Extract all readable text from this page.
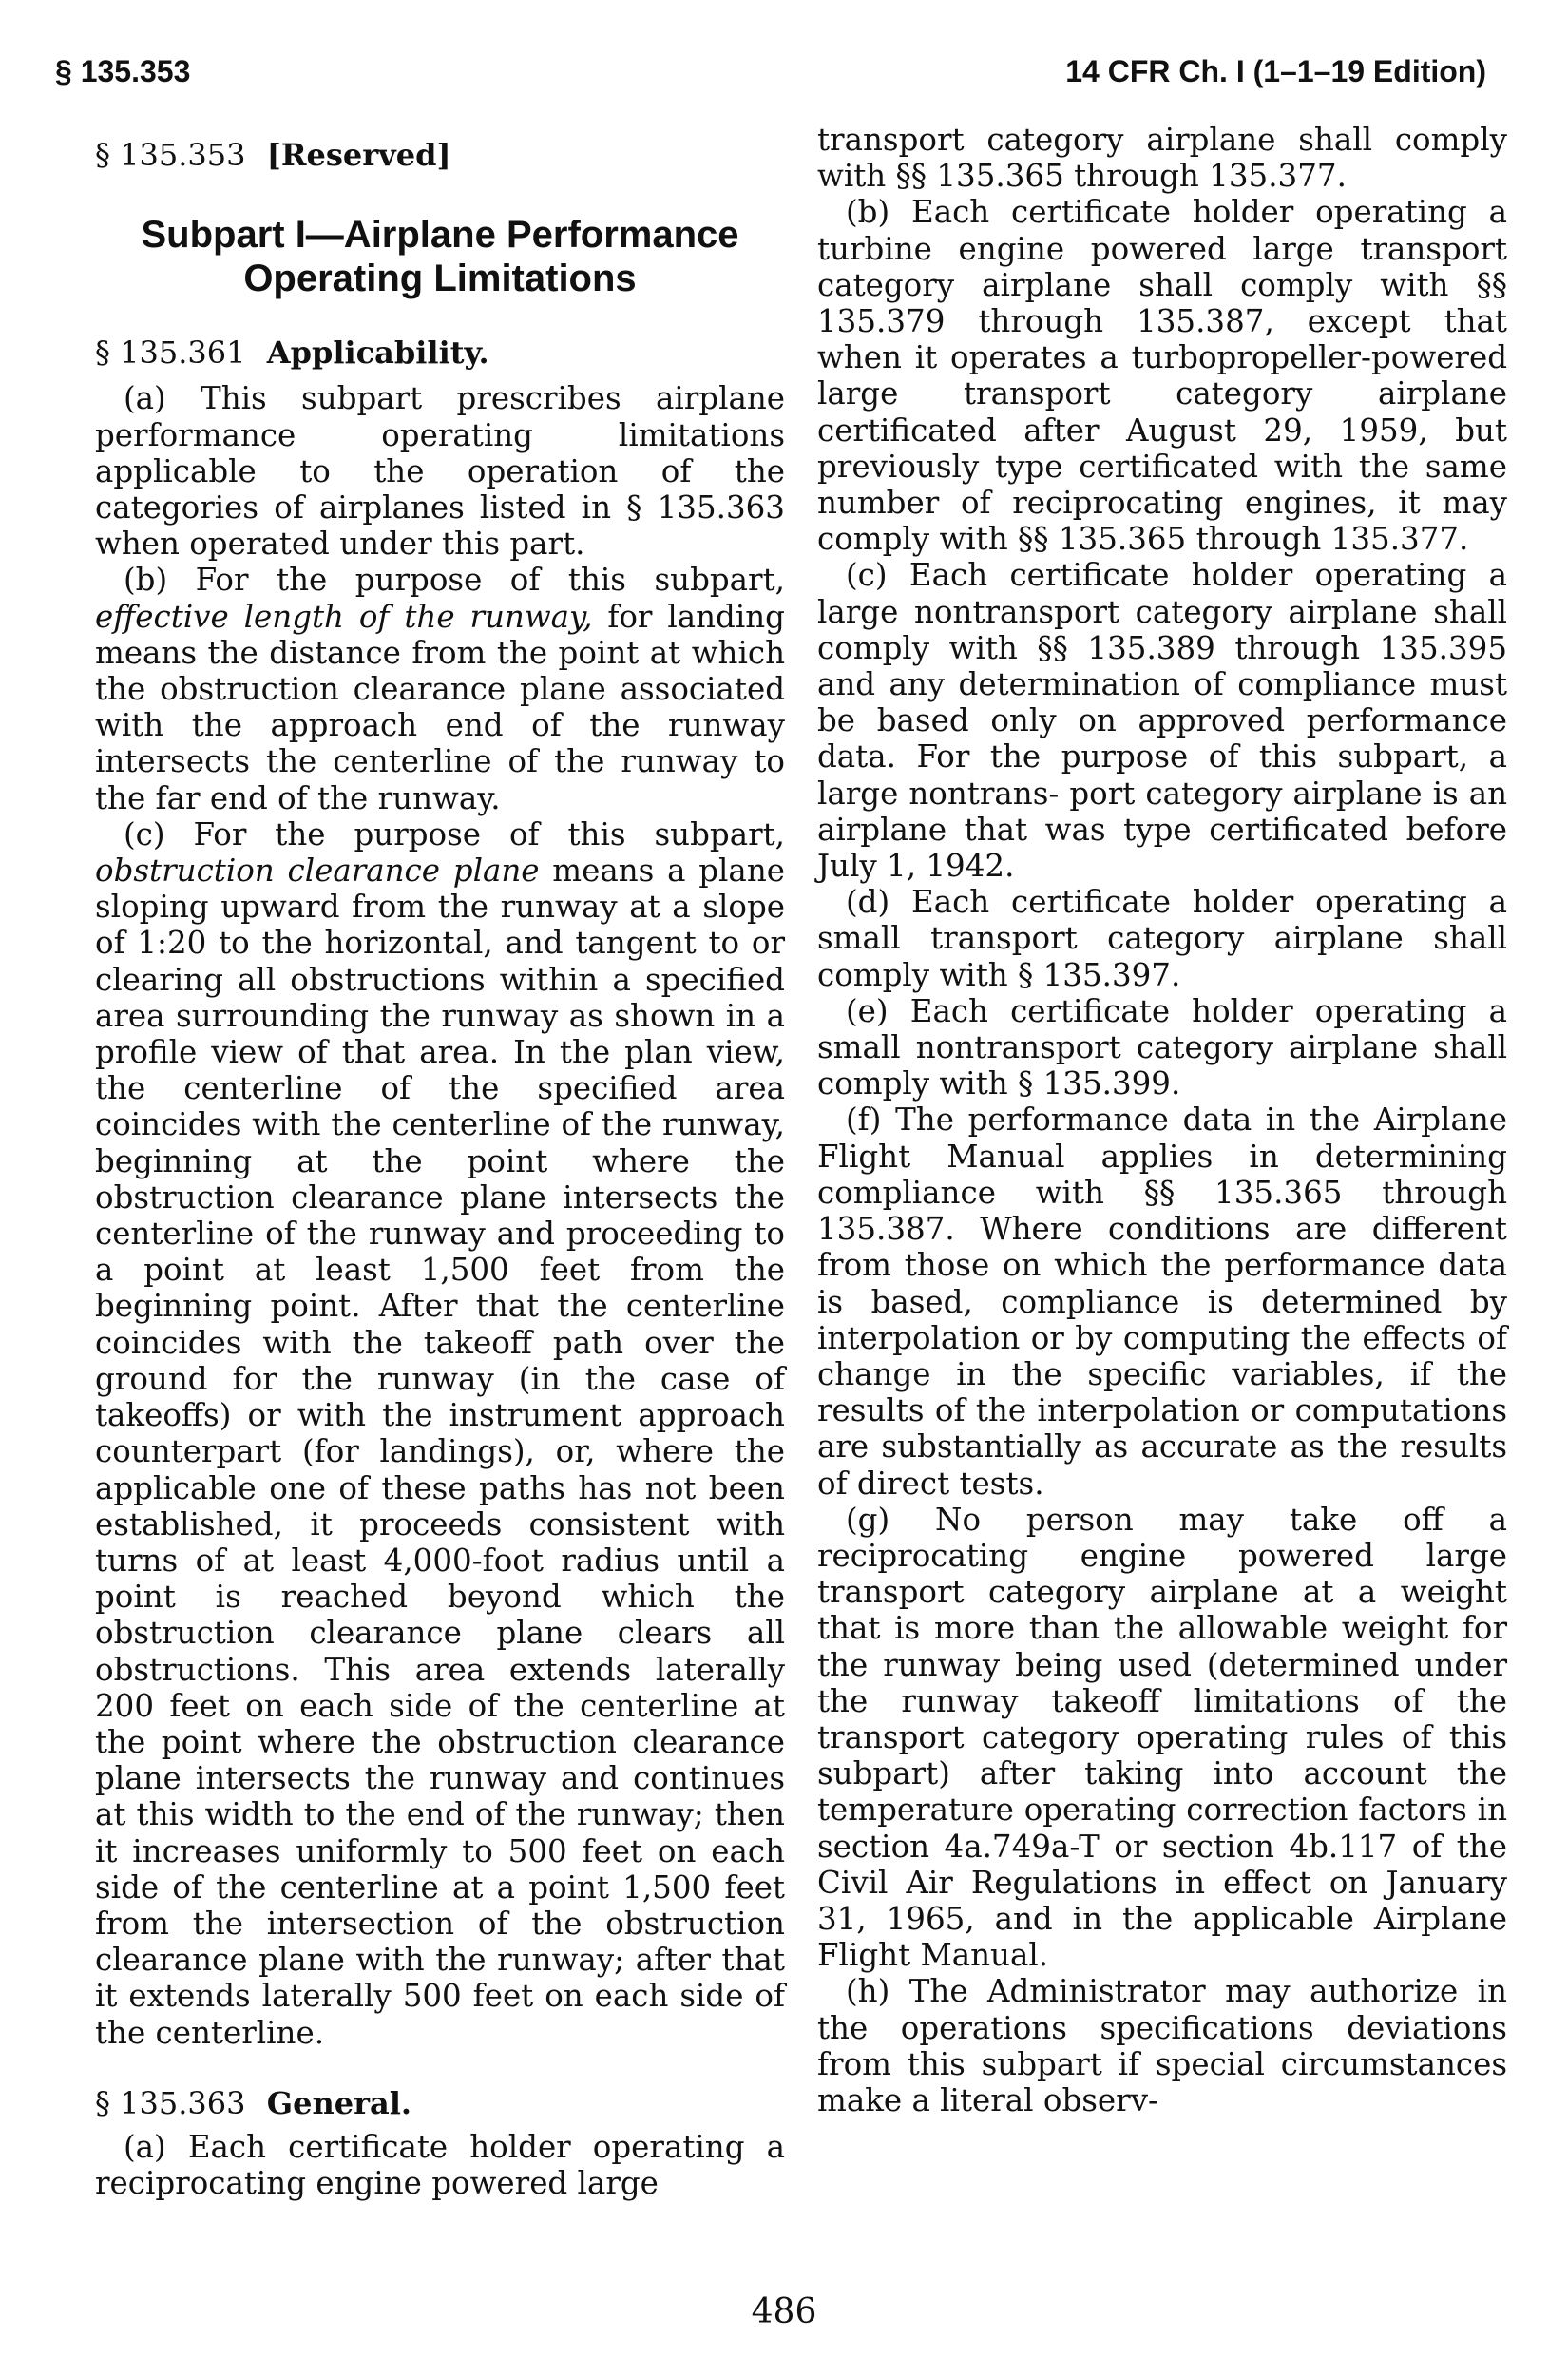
§ 135.353	14 CFR Ch. I (1–1–19 Edition)
§ 135.353 [Reserved]
Subpart I—Airplane Performance
Operating Limitations
§ 135.361 Applicability.

(a) This subpart prescribes airplane performance operating limitations applicable to the operation of the categories of airplanes listed in § 135.363 when operated under this part.

(b) For the purpose of this subpart, effective length of the runway, for landing means the distance from the point at which the obstruction clearance plane associated with the approach end of the runway intersects the centerline of the runway to the far end of the runway.

(c) For the purpose of this subpart, obstruction clearance plane means a plane sloping upward from the runway at a slope of 1:20 to the horizontal, and tangent to or clearing all obstructions within a specified area surrounding the runway as shown in a profile view of that area. In the plan view, the centerline of the specified area coincides with the centerline of the runway, beginning at the point where the obstruction clearance plane intersects the centerline of the runway and proceeding to a point at least 1,500 feet from the beginning point. After that the centerline coincides with the takeoff path over the ground for the runway (in the case of takeoffs) or with the instrument approach counterpart (for landings), or, where the applicable one of these paths has not been established, it proceeds consistent with turns of at least 4,000-foot radius until a point is reached beyond which the obstruction clearance plane clears all obstructions. This area extends laterally 200 feet on each side of the centerline at the point where the obstruction clearance plane intersects the runway and continues at this width to the end of the runway; then it increases uniformly to 500 feet on each side of the centerline at a point 1,500 feet from the intersection of the obstruction clearance plane with the runway; after that it extends laterally 500 feet on each side of the centerline.

§ 135.363 General.

(a) Each certificate holder operating a reciprocating engine powered large

transport category airplane shall comply with §§ 135.365 through 135.377.

(b) Each certificate holder operating a turbine engine powered large transport category airplane shall comply with §§ 135.379 through 135.387, except that when it operates a turbopropeller-powered large transport category airplane certificated after August 29, 1959, but previously type certificated with the same number of reciprocating engines, it may comply with §§ 135.365 through 135.377.

(c) Each certificate holder operating a large nontransport category airplane shall comply with §§ 135.389 through 135.395 and any determination of compliance must be based only on approved performance data. For the purpose of this subpart, a large nontrans- port category airplane is an airplane that was type certificated before July 1, 1942.

(d) Each certificate holder operating a small transport category airplane shall comply with § 135.397.

(e) Each certificate holder operating a small nontransport category airplane shall comply with § 135.399.

(f) The performance data in the Airplane Flight Manual applies in determining compliance with §§ 135.365 through 135.387. Where conditions are different from those on which the performance data is based, compliance is determined by interpolation or by computing the effects of change in the specific variables, if the results of the interpolation or computations are substantially as accurate as the results of direct tests.

(g) No person may take off a reciprocating engine powered large transport category airplane at a weight that is more than the allowable weight for the runway being used (determined under the runway takeoff limitations of the transport category operating rules of this subpart) after taking into account the temperature operating correction factors in section 4a.749a-T or section 4b.117 of the Civil Air Regulations in effect on January 31, 1965, and in the applicable Airplane Flight Manual.

(h) The Administrator may authorize in the operations specifications deviations from this subpart if special circumstances make a literal observ-

486
